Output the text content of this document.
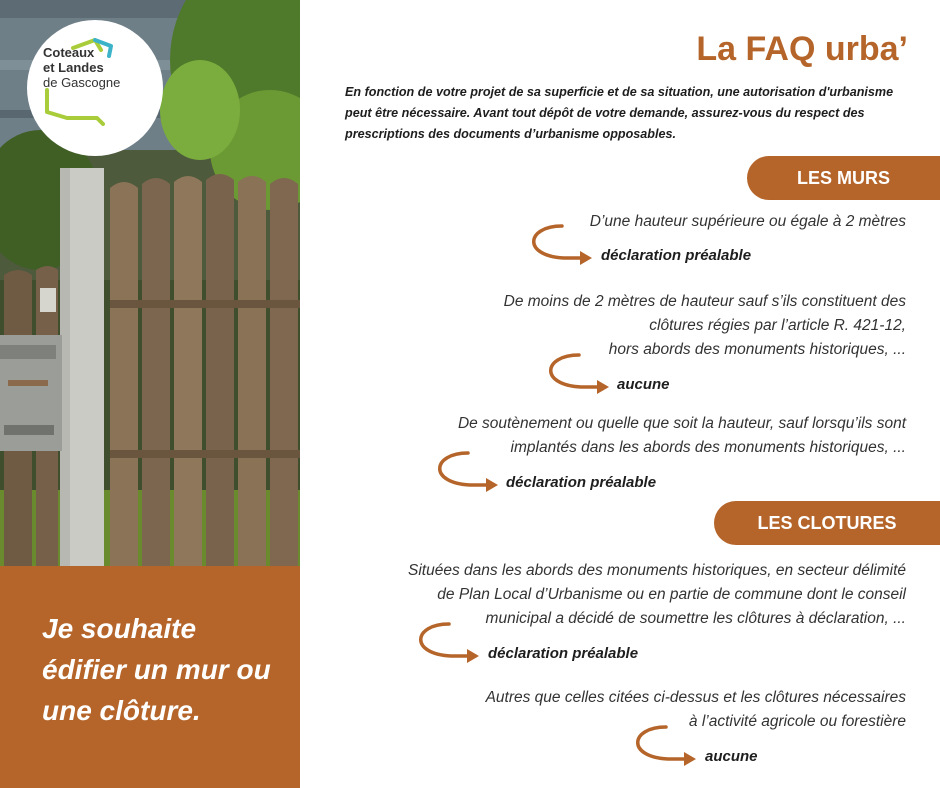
Coteaux
et Landes
de Gascogne

Je souhaite édifier un mur ou une clôture.

La FAQ urba’

En fonction de votre projet de sa superficie et de sa situation, une autorisation d'urbanisme peut être nécessaire. Avant tout dépôt de votre demande, assurez-vous du respect des prescriptions des documents d’urbanisme opposables.

LES MURS

D’une hauteur supérieure ou égale à 2 mètres

déclaration préalable

De moins de 2 mètres de hauteur sauf s’ils constituent des
clôtures régies par l’article R. 421-12,
hors abords des monuments historiques, ...

aucune

De soutènement ou quelle que soit la hauteur, sauf lorsqu’ils sont
implantés dans les abords des monuments historiques, ...

déclaration préalable
LES CLOTURES

Situées dans les abords des monuments historiques, en secteur délimité
de Plan Local d’Urbanisme ou en partie de commune dont le conseil
municipal a décidé de soumettre les clôtures à déclaration, ...

déclaration préalable

Autres que celles citées ci-dessus et les clôtures nécessaires
à l’activité agricole ou forestière

aucune
